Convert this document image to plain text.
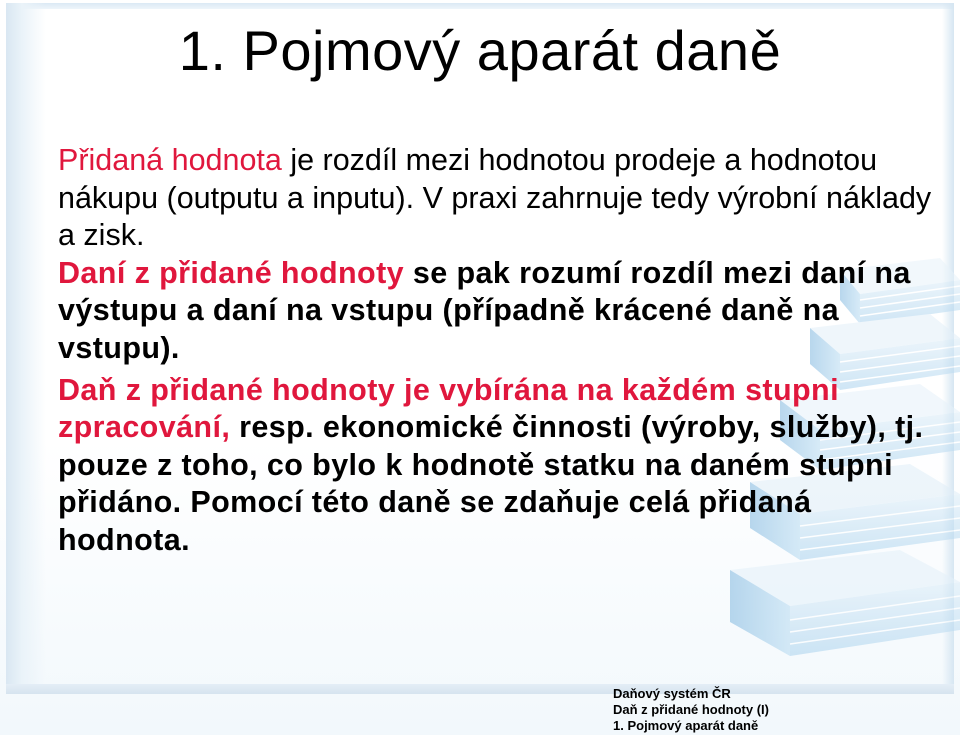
1. Pojmový aparát daně

Přidaná hodnota je rozdíl mezi hodnotou prodeje a hodnotou nákupu (outputu a inputu). V praxi zahrnuje tedy výrobní náklady a zisk.

Daní z přidané hodnoty se pak rozumí rozdíl mezi daní na výstupu a daní na vstupu (případně krácené daně na vstupu).

Daň z přidané hodnoty je vybírána na každém stupni zpracování, resp. ekonomické činnosti (výroby, služby), tj. pouze z toho, co bylo k hodnotě statku na daném stupni přidáno. Pomocí této daně se zdaňuje celá přidaná hodnota.

Daňový systém ČR
Daň z přidané hodnoty (I)
1. Pojmový aparát daně
